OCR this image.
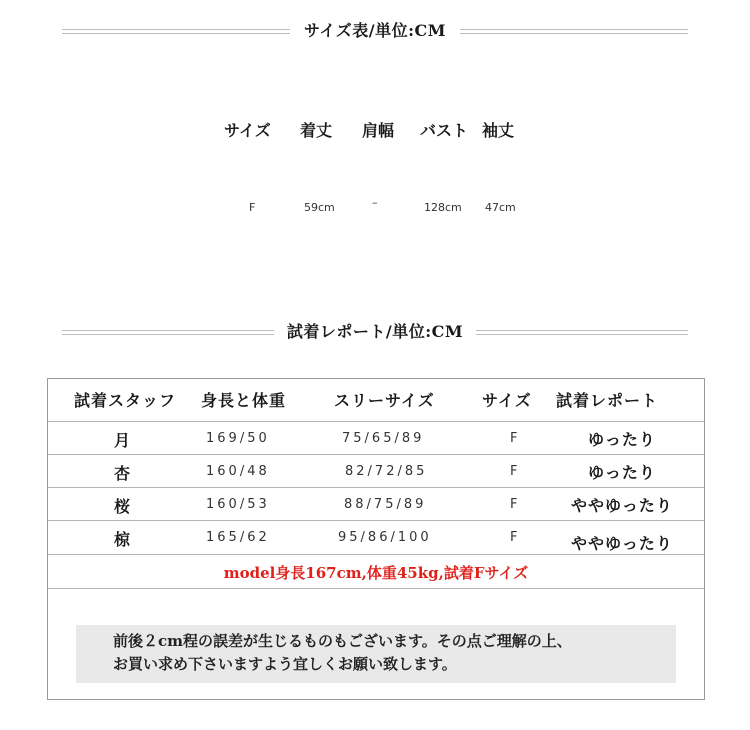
サイズ表/単位:CM
サイズ 着丈 肩幅 バスト 袖丈
F	59cm	–	128cm 47cm
試着レポート/単位:CM
試着スタッフ 身長と体重	スリーサイズ	サイズ 試着レポート
月	169/50	75/65/89	F	ゆったり
杏	160/48	82/72/85	F	ゆったり
桜	160/53	88/75/89	F	ややゆったり
椋	165/62	95/86/100	F	ややゆったり
model身長167cm,体重45kg,試着Fサイズ

前後２cm程の誤差が生じるものもございます。その点ご理解の上、

お買い求め下さいますよう宜しくお願い致します。
